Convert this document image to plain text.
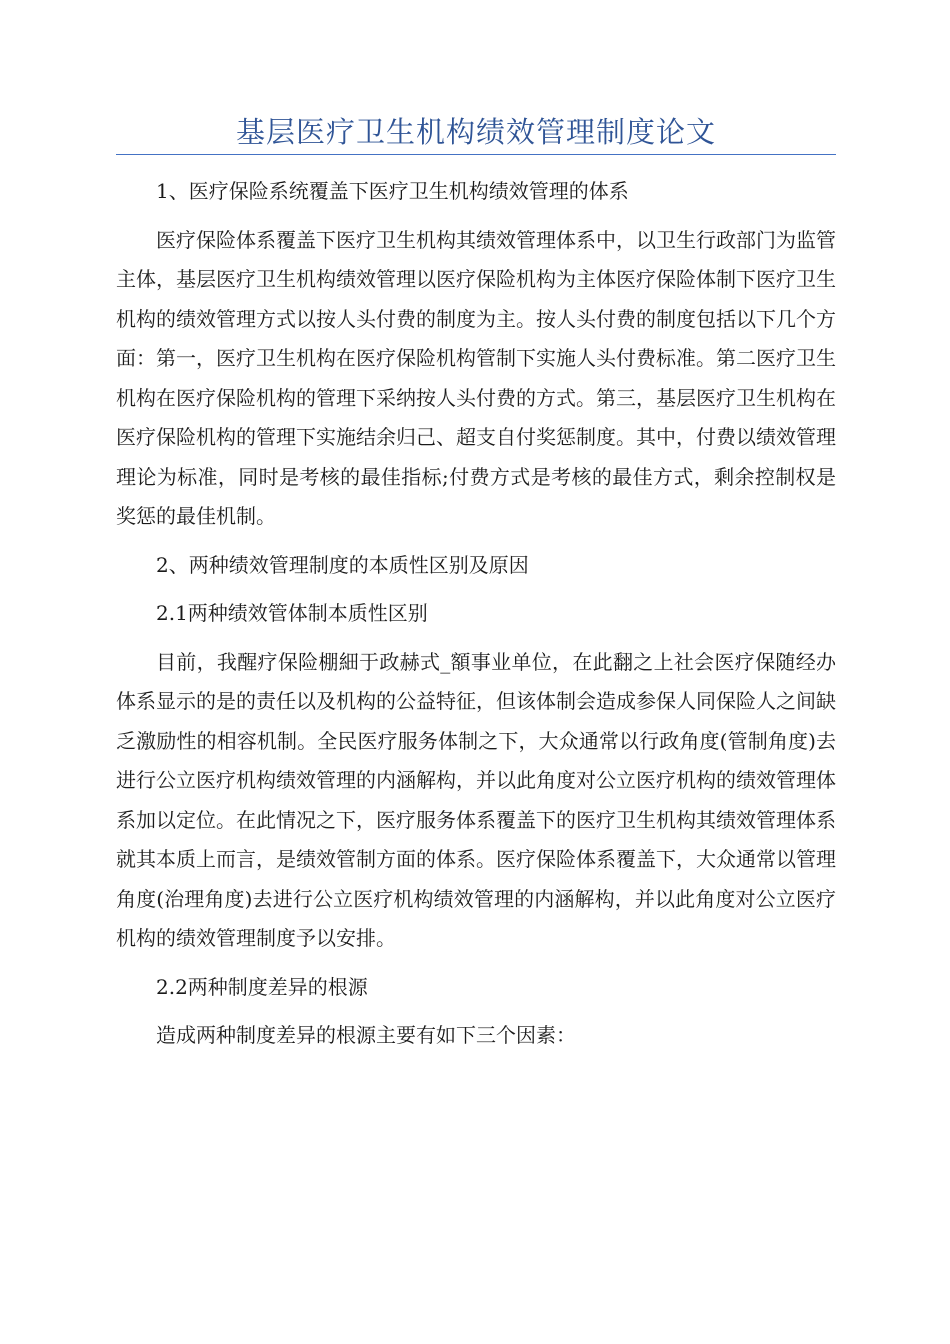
基层医疗卫生机构绩效管理制度论文

1、医疗保险系统覆盖下医疗卫生机构绩效管理的体系

医疗保险体系覆盖下医疗卫生机构其绩效管理体系中，以卫生行政部门为监管主体，基层医疗卫生机构绩效管理以医疗保险机构为主体医疗保险体制下医疗卫生机构的绩效管理方式以按人头付费的制度为主。按人头付费的制度包括以下几个方面：第一，医疗卫生机构在医疗保险机构管制下实施人头付费标准。第二医疗卫生机构在医疗保险机构的管理下采纳按人头付费的方式。第三，基层医疗卫生机构在医疗保险机构的管理下实施结余归己、超支自付奖惩制度。其中，付费以绩效管理理论为标准，同时是考核的最佳指标;付费方式是考核的最佳方式，剩余控制权是奖惩的最佳机制。

2、两种绩效管理制度的本质性区别及原因

2.1两种绩效管体制本质性区别

目前，我醒疗保险棚細于政赫式_額事业单位，在此翻之上社会医疗保随经办体系显示的是的责任以及机构的公益特征，但该体制会造成参保人同保险人之间缺乏激励性的相容机制。全民医疗服务体制之下，大众通常以行政角度(管制角度)去进行公立医疗机构绩效管理的内涵解构，并以此角度对公立医疗机构的绩效管理体系加以定位。在此情况之下，医疗服务体系覆盖下的医疗卫生机构其绩效管理体系就其本质上而言，是绩效管制方面的体系。医疗保险体系覆盖下，大众通常以管理角度(治理角度)去进行公立医疗机构绩效管理的内涵解构，并以此角度对公立医疗机构的绩效管理制度予以安排。

2.2两种制度差异的根源

造成两种制度差异的根源主要有如下三个因素：
